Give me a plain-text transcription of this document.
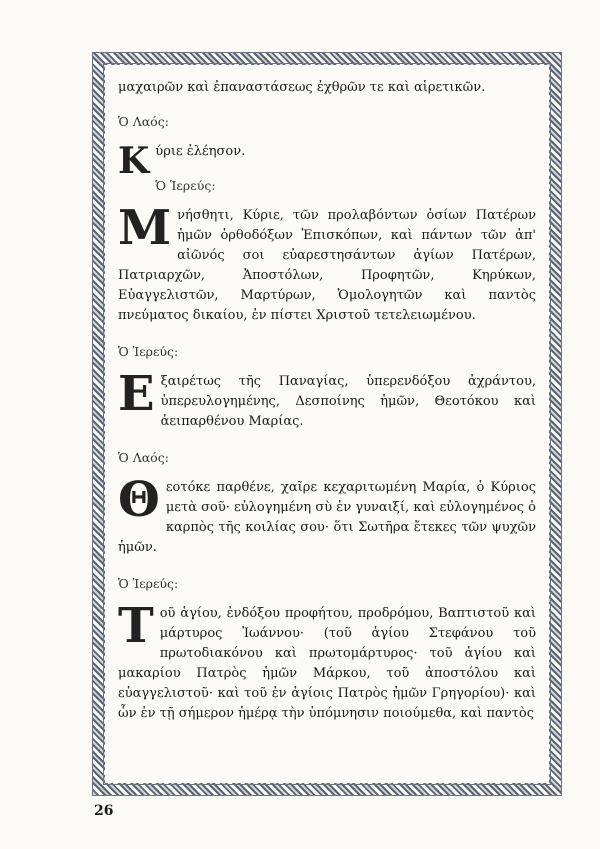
μαχαιρῶν καὶ ἐπαναστάσεως ἐχθρῶν τε καὶ αἱρετικῶν.

Ὁ Λαός:

Κ ύριε ἐλέησον.

Ὁ Ἱερεύς:

Μ νήσθητι, Κύριε, τῶν προλαβόντων ὁσίων Πατέρων ἡμῶν ὀρθοδόξων Ἐπισκόπων, καὶ πάντων τῶν ἀπ' αἰῶνός σοι εὐαρεστησάντων ἁγίων Πατέρων, Πατριαρχῶν, Ἀποστόλων, Προφητῶν, Κηρύκων, Εὐαγγελιστῶν, Μαρτύρων, Ὁμολογητῶν καὶ παντὸς πνεύματος δικαίου, ἐν πίστει Χριστοῦ τετελειωμένου.

Ὁ Ἱερεύς:

Ε ξαιρέτως τῆς Παναγίας, ὑπερενδόξου ἀχράντου, ὑπερευλογημένης, Δεσποίνης ἡμῶν, Θεοτόκου καὶ ἀειπαρθένου Μαρίας.

Ὁ Λαός:

Θ εοτόκε παρθένε, χαῖρε κεχαριτωμένη Μαρία, ὁ Κύριος μετὰ σοῦ· εὐλογημένη σὺ ἐν γυναιξί, καὶ εὐλογημένος ὁ καρπὸς τῆς κοιλίας σου· ὅτι Σωτῆρα ἔτεκες τῶν ψυχῶν ἡμῶν.

Ὁ Ἱερεύς:

Τ οῦ ἁγίου, ἐνδόξου προφήτου, προδρόμου, Βαπτιστοῦ καὶ μάρτυρος Ἰωάννου· (τοῦ ἁγίου Στεφάνου τοῦ πρωτοδιακόνου καὶ πρωτομάρτυρος· τοῦ ἁγίου καὶ μακαρίου Πατρὸς ἡμῶν Μάρκου, τοῦ ἀποστόλου καὶ εὐαγγελιστοῦ· καὶ τοῦ ἐν ἁγίοις Πατρὸς ἡμῶν Γρηγορίου)· καὶ ὧν ἐν τῇ σήμερον ἡμέρᾳ τὴν ὑπόμνησιν ποιούμεθα, καὶ παντὸς

26
